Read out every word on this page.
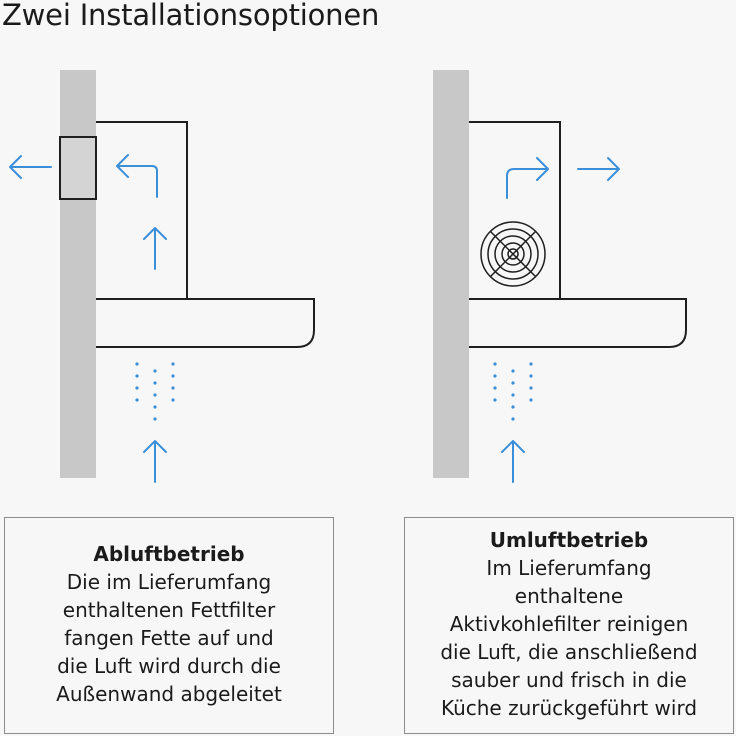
Zwei Installationsoptionen
Abluftbetrieb
Die im Lieferumfang
enthaltenen Fettfilter
fangen Fette auf und
die Luft wird durch die
Außenwand abgeleitet
Umluftbetrieb
Im Lieferumfang
enthaltene
Aktivkohlefilter reinigen
die Luft, die anschließend
sauber und frisch in die
Küche zurückgeführt wird
